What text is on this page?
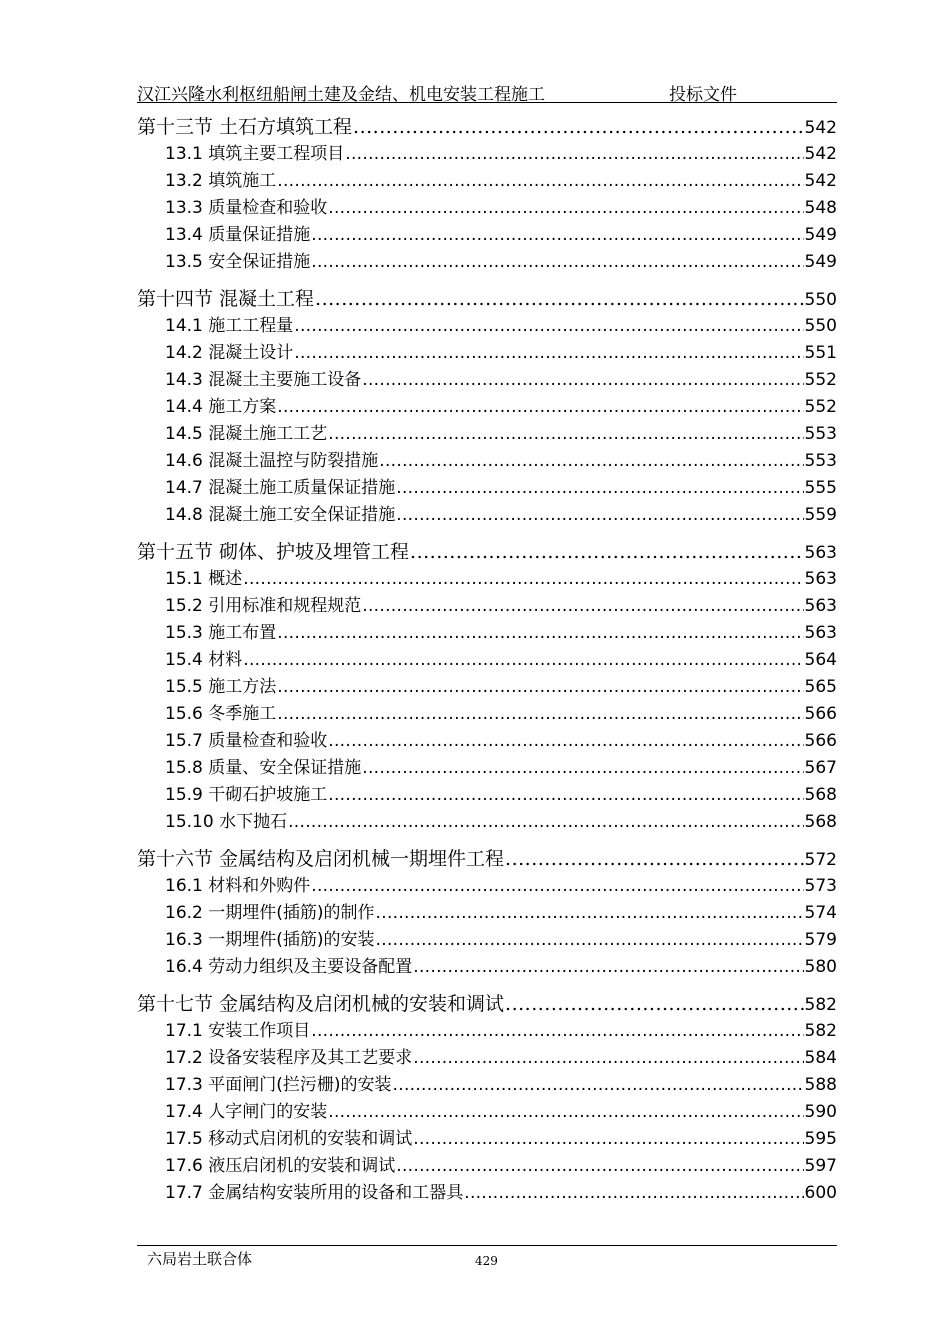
汉江兴隆水利枢纽船闸土建及金结、机电安装工程施工	投标文件
第十三节 土石方填筑工程 .....	542
13.1 填筑主要工程项目 .....	542
13.2 填筑施工 .....	542
13.3 质量检查和验收 .....	548
13.4 质量保证措施 .....	549
13.5 安全保证措施 .....	549
第十四节 混凝土工程 .....	550
14.1 施工工程量 .....	550
14.2 混凝土设计 .....	551
14.3 混凝土主要施工设备 .....	552
14.4 施工方案 .....	552
14.5 混凝土施工工艺 .....	553
14.6 混凝土温控与防裂措施 .....	553
14.7 混凝土施工质量保证措施 .....	555
14.8 混凝土施工安全保证措施 .....	559
第十五节 砌体、护坡及埋管工程 .....	563
15.1 概述 .....	563
15.2 引用标准和规程规范 .....	563
15.3 施工布置 .....	563
15.4 材料 .....	564
15.5 施工方法 .....	565
15.6 冬季施工 .....	566
15.7 质量检查和验收 .....	566
15.8 质量、安全保证措施 .....	567
15.9 干砌石护坡施工 .....	568
15.10 水下抛石 .....	568
第十六节 金属结构及启闭机械一期埋件工程 .....	572
16.1 材料和外购件 .....	573
16.2 一期埋件(插筋)的制作 .....	574
16.3 一期埋件(插筋)的安装 .....	579
16.4 劳动力组织及主要设备配置 .....	580
第十七节 金属结构及启闭机械的安装和调试 .....	582
17.1 安装工作项目 .....	582
17.2 设备安装程序及其工艺要求 .....	584
17.3 平面闸门(拦污栅)的安装 .....	588
17.4 人字闸门的安装 .....	590
17.5 移动式启闭机的安装和调试 .....	595
17.6 液压启闭机的安装和调试 .....	597
17.7 金属结构安装所用的设备和工器具 .....	600
六局岩土联合体	429
